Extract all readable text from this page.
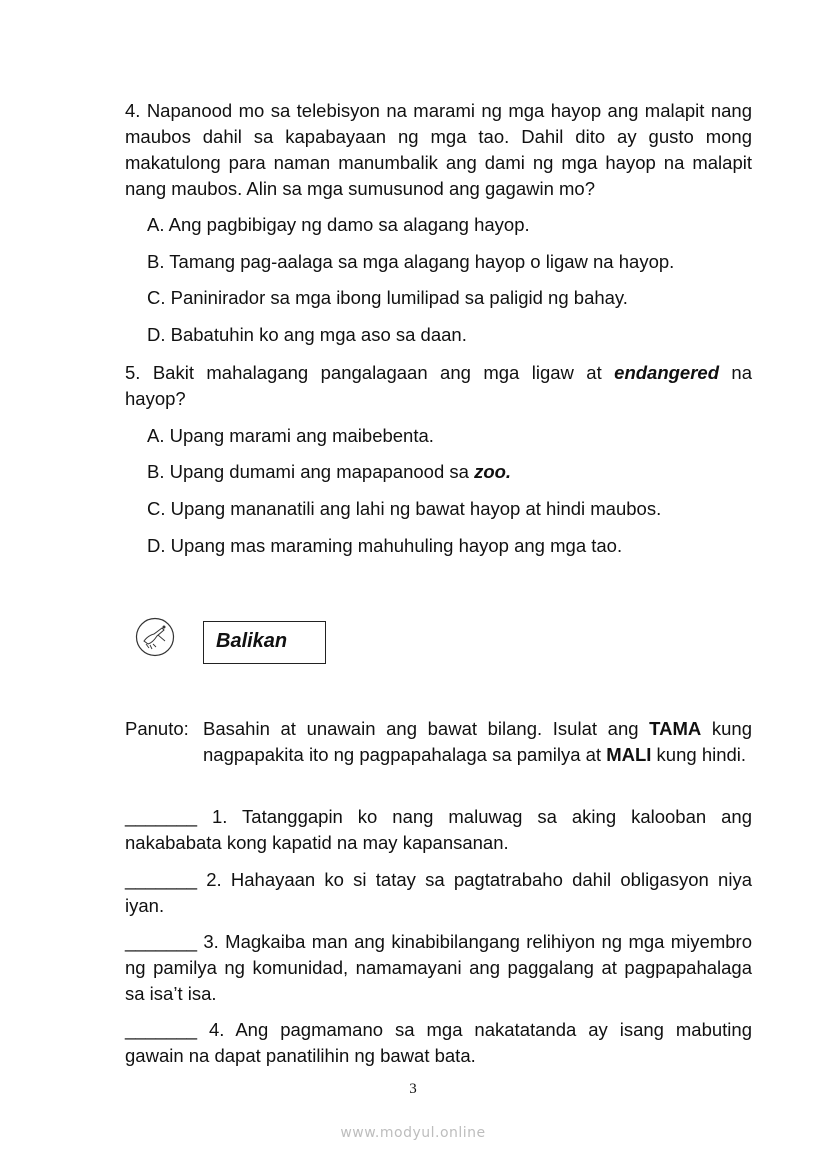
4. Napanood mo sa telebisyon na marami ng mga hayop ang malapit nang maubos dahil sa kapabayaan ng mga tao. Dahil dito ay gusto mong makatulong para naman manumbalik ang dami ng mga hayop na malapit nang maubos. Alin sa mga sumusunod ang gagawin mo?

A. Ang pagbibigay ng damo sa alagang hayop.

B. Tamang pag-aalaga sa mga alagang hayop o ligaw na hayop.

C. Paninirador sa mga ibong lumilipad sa paligid ng bahay.

D. Babatuhin ko ang mga aso sa daan.

5. Bakit mahalagang pangalagaan ang mga ligaw at endangered na hayop?

A. Upang marami ang maibebenta.

B. Upang dumami ang mapapanood sa zoo.

C. Upang mananatili ang lahi ng bawat hayop at hindi maubos.

D. Upang mas maraming mahuhuling hayop ang mga tao.

Balikan

Panuto: Basahin at unawain ang bawat bilang. Isulat ang TAMA kung nagpapakita ito ng pagpapahalaga sa pamilya at MALI kung hindi.

_______ 1. Tatanggapin ko nang maluwag sa aking kalooban ang nakababata kong kapatid na may kapansanan.

_______ 2. Hahayaan ko si tatay sa pagtatrabaho dahil obligasyon niya iyan.

_______ 3. Magkaiba man ang kinabibilangang relihiyon ng mga miyembro ng pamilya ng komunidad, namamayani ang paggalang at pagpapahalaga sa isa’t isa.

_______ 4. Ang pagmamano sa mga nakatatanda ay isang mabuting gawain na dapat panatilihin ng bawat bata.

3

www.modyul.online
